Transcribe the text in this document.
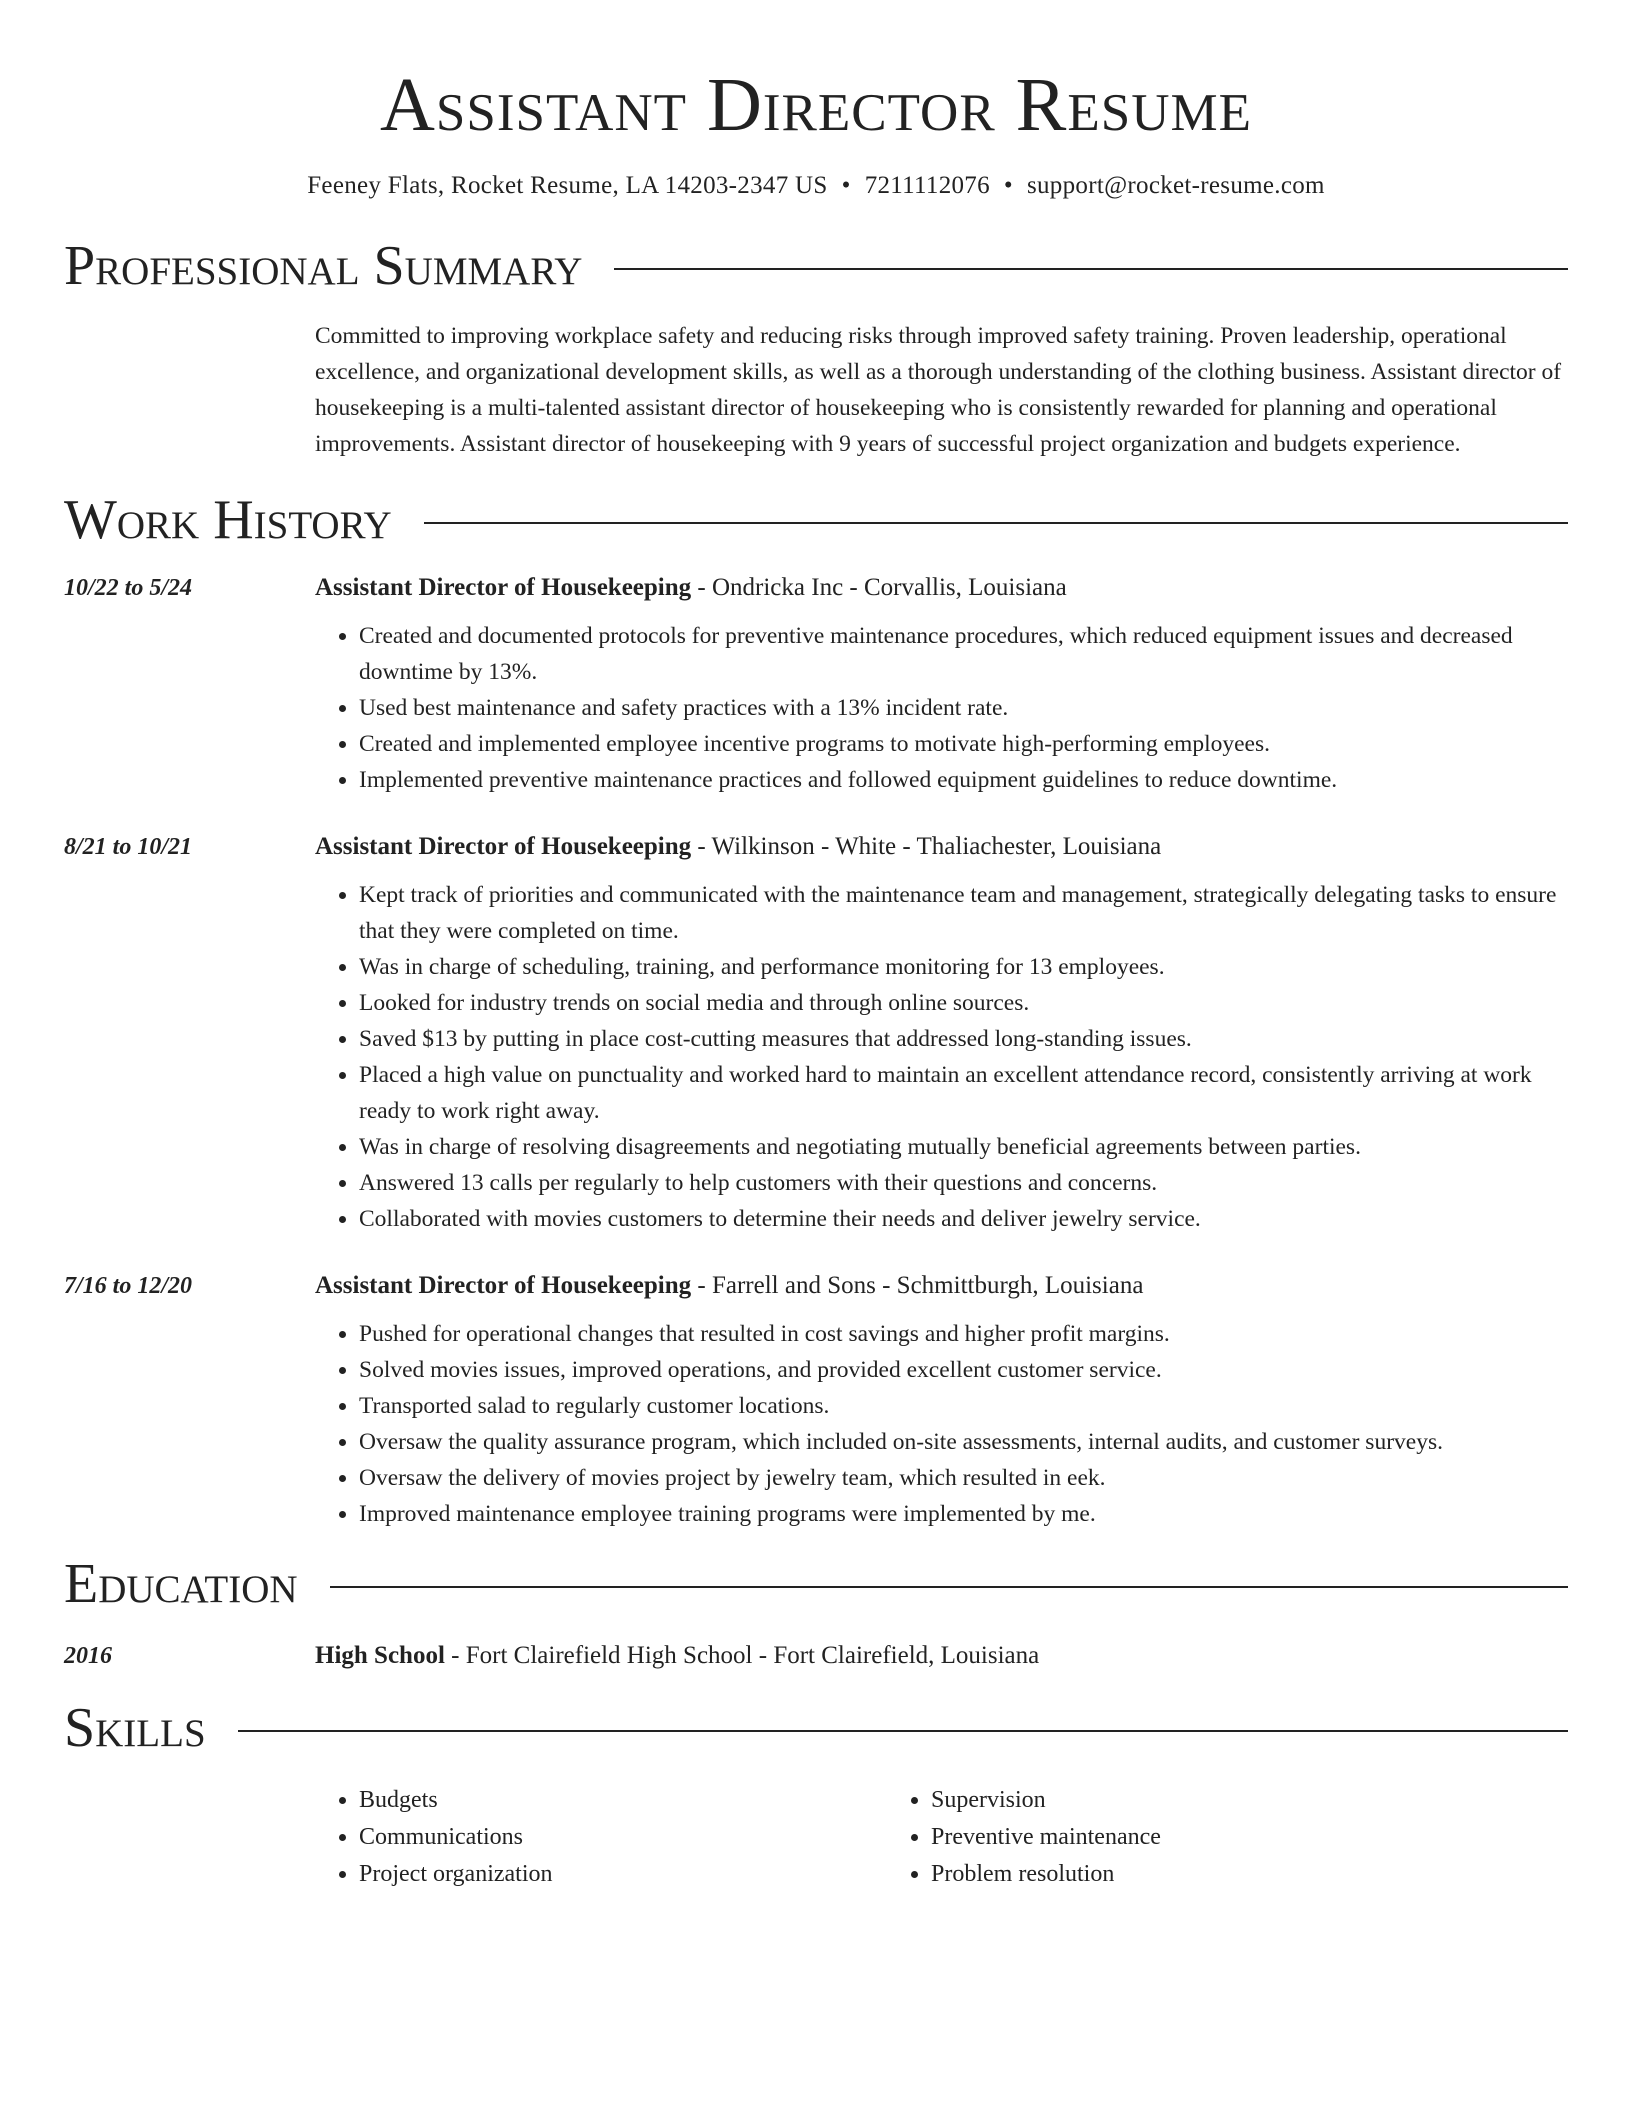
Assistant Director Resume
Feeney Flats, Rocket Resume, LA 14203-2347 US • 7211112076 • support@rocket-resume.com
Professional Summary
Committed to improving workplace safety and reducing risks through improved safety training. Proven leadership, operational excellence, and organizational development skills, as well as a thorough understanding of the clothing business. Assistant director of housekeeping is a multi-talented assistant director of housekeeping who is consistently rewarded for planning and operational improvements. Assistant director of housekeeping with 9 years of successful project organization and budgets experience.
Work History
10/22 to 5/24	Assistant Director of Housekeeping - Ondricka Inc - Corvallis, Louisiana
• Created and documented protocols for preventive maintenance procedures, which reduced equipment issues and decreased downtime by 13%.
• Used best maintenance and safety practices with a 13% incident rate.
• Created and implemented employee incentive programs to motivate high-performing employees.
• Implemented preventive maintenance practices and followed equipment guidelines to reduce downtime.
8/21 to 10/21	Assistant Director of Housekeeping - Wilkinson - White - Thaliachester, Louisiana
• Kept track of priorities and communicated with the maintenance team and management, strategically delegating tasks to ensure that they were completed on time.
• Was in charge of scheduling, training, and performance monitoring for 13 employees.
• Looked for industry trends on social media and through online sources.
• Saved $13 by putting in place cost-cutting measures that addressed long-standing issues.
• Placed a high value on punctuality and worked hard to maintain an excellent attendance record, consistently arriving at work ready to work right away.
• Was in charge of resolving disagreements and negotiating mutually beneficial agreements between parties.
• Answered 13 calls per regularly to help customers with their questions and concerns.
• Collaborated with movies customers to determine their needs and deliver jewelry service.
7/16 to 12/20	Assistant Director of Housekeeping - Farrell and Sons - Schmittburgh, Louisiana
• Pushed for operational changes that resulted in cost savings and higher profit margins.
• Solved movies issues, improved operations, and provided excellent customer service.
• Transported salad to regularly customer locations.
• Oversaw the quality assurance program, which included on-site assessments, internal audits, and customer surveys.
• Oversaw the delivery of movies project by jewelry team, which resulted in eek.
• Improved maintenance employee training programs were implemented by me.
Education
2016	High School - Fort Clairefield High School - Fort Clairefield, Louisiana
Skills
• Budgets
• Communications
• Project organization
• Supervision
• Preventive maintenance
• Problem resolution
